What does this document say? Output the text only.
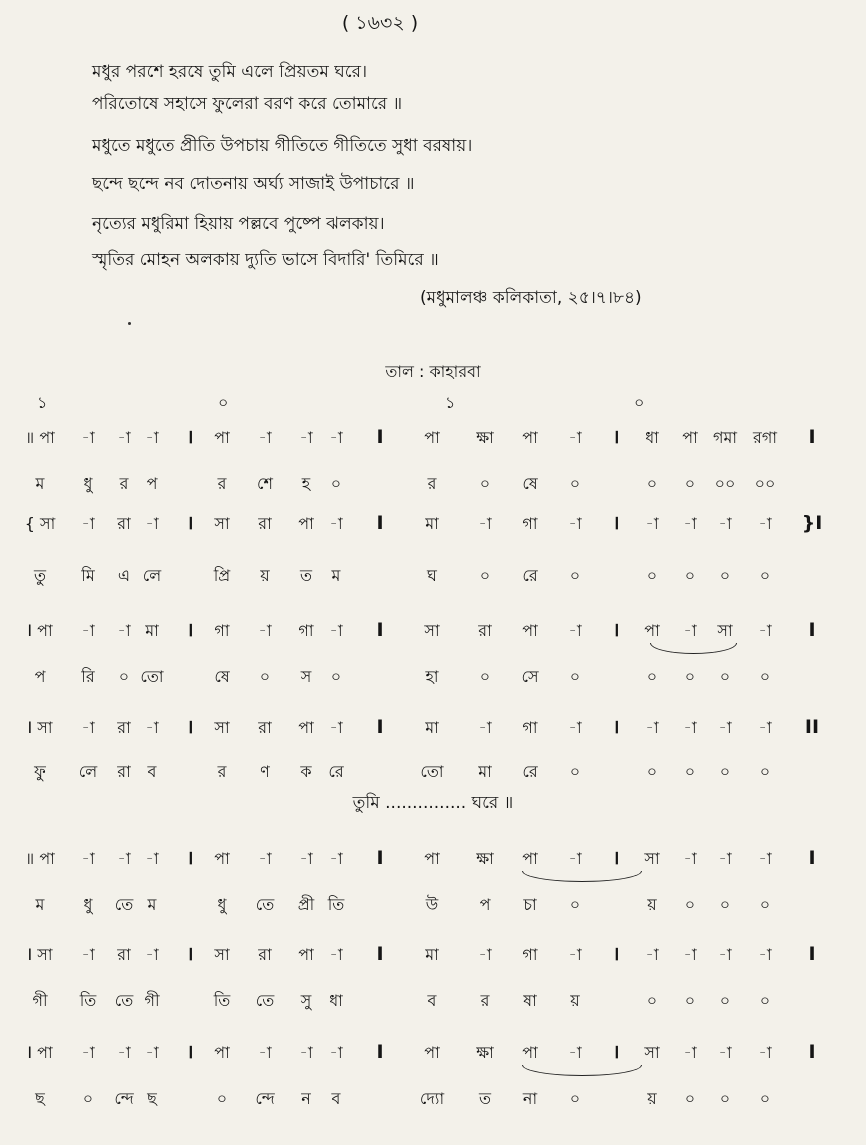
( ১৬৩২ )
মধুর পরশে হরষে তুমি এলে প্রিয়তম ঘরে।
পরিতোষে সহাসে ফুলেরা বরণ করে তোমারে ॥
মধুতে মধুতে প্রীতি উপচায় গীতিতে গীতিতে সুধা বরষায়।
ছন্দে ছন্দে নব দোতনায় অর্ঘ্য সাজাই উপাচারে ॥
নৃত্যের মধুরিমা হিয়ায় পল্লবে পুষ্পে ঝলকায়।
স্মৃতির মোহন অলকায় দ্যুতি ভাসে বিদারি' তিমিরে ॥
(মধুমালঞ্চ কলিকাতা, ২৫।৭।৮৪)
তাল : কাহারবা
১	০	১	০
তুমি ............... ঘরে ॥
॥ পা -া -া -া । পা -া -া -া I	পা ক্ষা পা -া । ধা পা গমা রগা I
ম ধু র প	র শে হ ০	র	০ ষে ০	০ ০ ০০ ০০
{ সা -া রা -া । সা রা পা -া I	মা -া গা -া । -া -া -া -া }I
তু মি এ লে	প্রি য় ত ম	ঘ	০ রে ০	০ ০ ০ ০
I পা -া -া মা । গা -া গা -া I	সা রা পা -া । পা -া সা -া I
প রি ০ তো	ষে ০ স ০	হা	০ সে ০	০ ০ ০ ০
I সা -া রা -া । সা রা পা -া I	মা -া গা -া । -া -া -া -া II
ফু লে রা ব	র ণ ক রে	তো মা রে ০	০ ০ ০ ০
॥ পা -া -া -া । পা -া -া -া I	পা ক্ষা পা -া । সা -া -া -া I
ম ধু তে ম	ধু তে প্রী তি	উ	প চা ০	য় ০ ০ ০
I সা -া রা -া । সা রা পা -া I	মা -া গা -া । -া -া -া -া I
গী তি তে গী	তি তে সু ধা	ব	র ষা য়	০ ০ ০ ০
I পা -া -া -া । পা -া -া -া I	পা ক্ষা পা -া । সা -া -া -া I
ছ ০ ন্দে ছ	০ ন্দে ন ব	দ্যো ত না ০	য় ০ ০ ০
